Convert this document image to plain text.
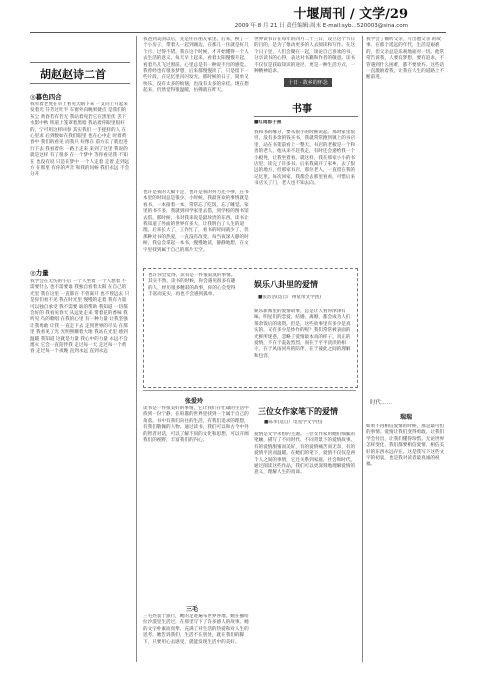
十堰周刊 / 文学/29
2009 年 8 月 21 日 责任编辑:周末 E-mail:syb...520003@sina.com
胡赵赵诗二首
◎暮色四合
我牵着老虎在草上看见天晴下来 一支向上升起来发着光 芬芳过吐半 车窗外向晚果捷点 是我们的灰尘 黄昏若有若无 我站着宛若它在黑里伏 丢下水影中秋 铁道上笼罩着黑暗 我站着你眼里很好的，宁可用这样回春 其实我们 一手捉样的人 在心里求 后到数如在我们眼里 也在心中走 时着黄昏中 我们的看见 而我只 好像在 前方长了就也进行下去 我看着你 一路上走来 来到了这里 我说的就是这样 有了很多 在一个梦中 等你看见我 不知在 也没有说 只是在梦中 一个人走着 走着 走到远方 在那里 有你的声音 和我的问候 我们永远 不会分开
◎力量
我学会在无伤的午后 一个人坐着 一个人想着 不需要什么 也不需要谁 我独自看着太阳 在自己的光里 我在这里 一直都在 不曾离开 也不曾远去 只是你们看不见 我在时光里 慢慢的走着 我有力量 可以独自承受 我不需要 谁的帮助 我知道 一切都会好的 我看见春天 从远处走来 带着花的香味 我听见 鸟的歌唱 在我的心里 有一种力量 让我坚强 让我勇敢 让我 一直走下去 走到世界的尽头 在那里 我看见了光 光明照耀着大地 我站在光里 感到温暖 我知道 这就是力量 我心中的力量 永远不会熄灭 它会一直陪伴我 走过每一天 走过每一个黄昏 走过每一个夜晚 直到永远 直到永远
我爸到美国以后，先是住在朋友家里。后来，换了一个小房子，带着人一起到湖边，在那儿一住就是好几个月，过得不错。我在这个时候，才开始懂得一个人去生活的意义。每天早上起来，看着太阳慢慢升起，看着鸟儿飞过窗前，心里总是有一种说不出的感觉。我曾经也有很多梦想，后来都慢慢淡了，只是留下一些片段，在记忆里闪闪发光。那时候的日子，简单又快乐，没有太多的烦恼，也没有太多的牵挂。现在想起来，仍然觉得很温暖，仿佛就在昨天。
也许是我的天赋不足，也许是我的努力还不够，在书本里的时间总是很少。小时候，我最喜欢的事情就是看书，一本接着一本，常常忘了吃饭，忘了睡觉。家里的书不多，我就到同学家里去借，到学校的图书馆去借。那时候，书对我来说是最珍贵的东西。读书让我知道了外面的世界有多大，让我明白了人生的道理。后来长大了，工作忙了，看书的时间就少了，但那种对书的热爱，一直没有改变。每当夜深人静的时候，我总会拿起一本书，慢慢地读，静静地想，在文字里找到属于自己的那片天空。
张爱玲
读书是一件很美好的事情，它让我们在忙碌的生活中找到一份宁静，在喧嚣的世界里找到一个属于自己的角落。书中有我们向往的生活，有我们追求的理想，有我们敬佩的人物。通过读书，我们可以和古今中外的智者对话，可以了解不同的文化和思想，可以开阔我们的视野，丰富我们的内心。
三毛
三毛热衷于旅行，她的足迹遍布世界各地。她在撒哈拉沙漠里生活过，在那里写下了许多感人的故事。她的文字朴素而真挚，充满了对生活的热爱和对人生的思考。她告诉我们，生活不在别处，就在我们的脚下，只要用心去感受，就能发现生活中的美好。
世界读书日在每年的四月二十三日，设立这个节日的目的，是为了推动更多的人去阅读和写作。在这个日子里，人们会聚在一起，谈论自己喜欢的书，分享读书的心得，表达对书籍和作者的敬意。读书不仅仅是获取知识的途径，更是一种生活方式，一种精神追求。
十日 · 故乡的怀念
书事
■红雨郡子燕
我和书的缘分，要从很小的时候说起。那时家里很穷，没有多余的钱买书，我就常常跑到镇上的书店里，站在书架前看上一整天。书店的老板是一个和善的老人，他从来不赶我走，有时还会递给我一个小板凳，让我坐着看。就这样，我在那家小小的书店里，读完了许多书。后来我离开了家乡，去了很远的地方，但那家书店，那位老人，一直留在我的记忆里。每次回家，我都会去那里看看，可惜后来书店关了门，老人也不知去向。
也许你会觉得，读书是一件很寂寞的事情。其实不然，读书的时候，你会遇见很多有趣的人，经历很多精彩的故事，你的心会变得丰富而充实，再也不会感到孤单。
娱乐八卦里的爱情
■张浩浩(选自广州宽带文学团)
娱乐新闻里的爱情故事，总是让人看得津津有味。明星们的恋爱、结婚、离婚，都会成为人们茶余饭后的谈资。但是，这些故事里有多少是真实的，又有多少是炒作的呢？我们常常被表面的光鲜所迷惑，忽略了爱情最本真的样子。真正的爱情，不在于轰轰烈烈，而在于平平淡淡的相守，在于风雨同舟的陪伴，在于彼此之间的理解和包容。
三位女作家笔下的爱情
■陈孝(选自广电星学文学团)
爱情是文学永恒的主题。三位女作家用她们细腻的笔触，描写了不同时代、不同背景下的爱情故事。有的爱情甜蜜而美好，有的爱情痛苦而无奈，有的爱情平淡而温暖。在她们的笔下，爱情不仅仅是两个人之间的事情，它还关系到家庭、社会和时代。通过阅读这些作品，我们可以更深刻地理解爱情的意义，理解人生的真谛。
我学会了倾听父亲，写出他父亲 的故事。在那个遥远的年代，生活是艰难的，但父亲总是乐观地面对一切。他常常告诉我，人要有梦想，要有追求，不管遇到什么困难，都不要放弃。这些话一直激励着我，让我在人生的道路上不断前进。
时代……
瑞瑞
如果不再相信爱情的时候，那是最可怕的事情。爱情让我们变得勇敢，让我们学会付出，让我们懂得珍惜。无论世界怎样变化，我们都要相信爱情，相信美好的东西永远存在。这是我写下这些文字的初衷，也是我对读者最真诚的祝福。
